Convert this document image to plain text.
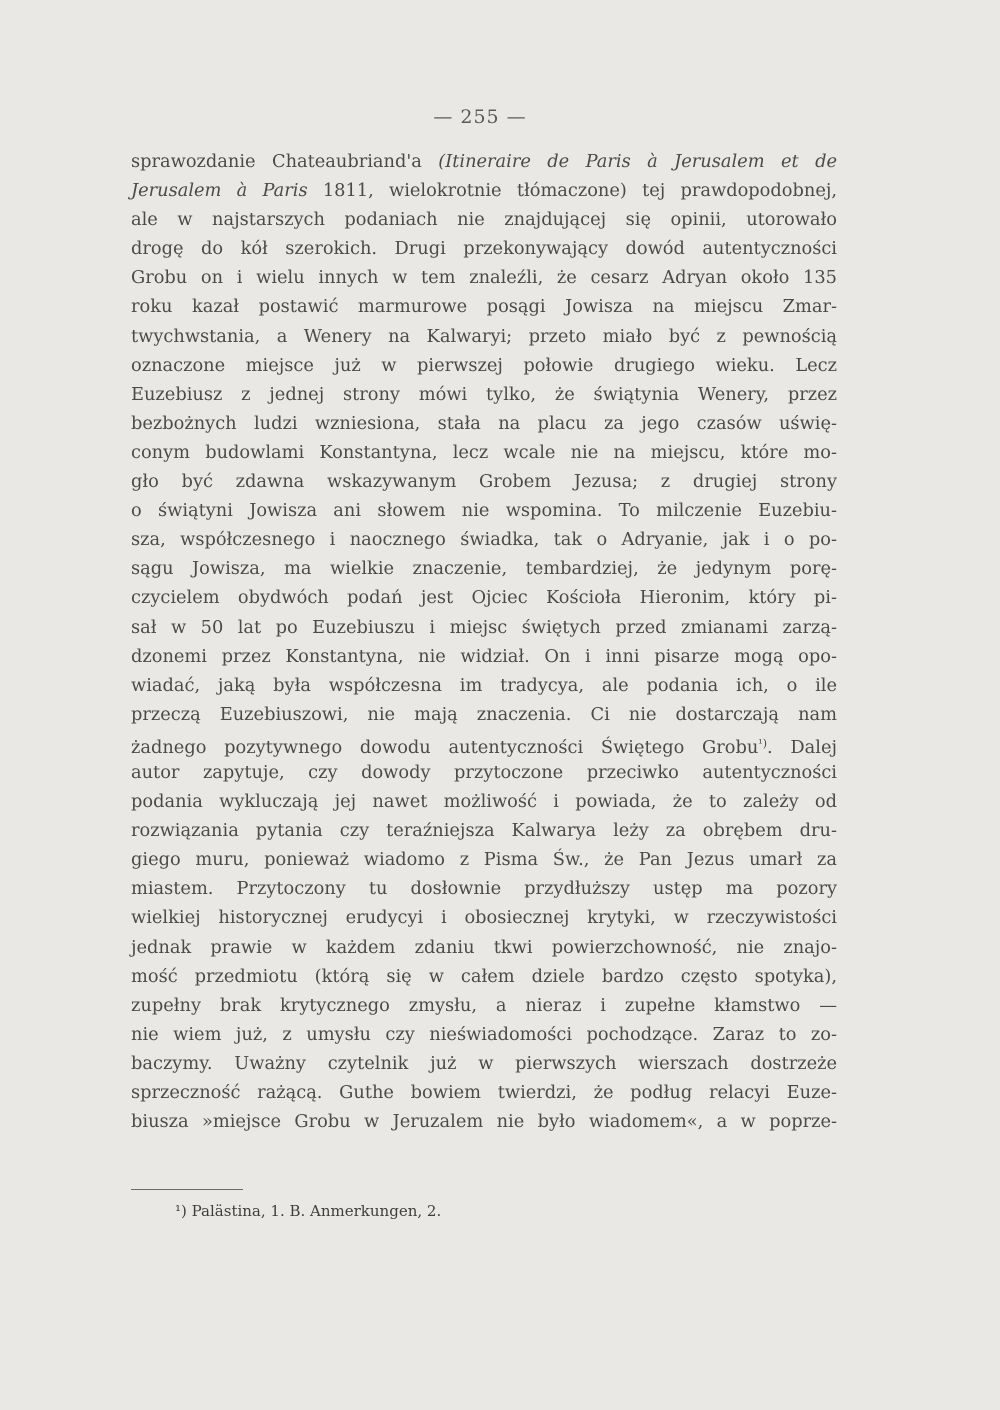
— 255 —
sprawozdanie Chateaubriand'a (Itineraire de Paris à Jerusalem et de
Jerusalem à Paris 1811, wielokrotnie tłómaczone) tej prawdopodobnej,
ale w najstarszych podaniach nie znajdującej się opinii, utorowało
drogę do kół szerokich. Drugi przekonywający dowód autentyczności
Grobu on i wielu innych w tem znaleźli, że cesarz Adryan około 135
roku kazał postawić marmurowe posągi Jowisza na miejscu Zmar-
twychwstania, a Wenery na Kalwaryi; przeto miało być z pewnością
oznaczone miejsce już w pierwszej połowie drugiego wieku. Lecz
Euzebiusz z jednej strony mówi tylko, że świątynia Wenery, przez
bezbożnych ludzi wzniesiona, stała na placu za jego czasów uświę-
conym budowlami Konstantyna, lecz wcale nie na miejscu, które mo-
gło być zdawna wskazywanym Grobem Jezusa; z drugiej strony
o świątyni Jowisza ani słowem nie wspomina. To milczenie Euzebiu-
sza, współczesnego i naocznego świadka, tak o Adryanie, jak i o po-
sągu Jowisza, ma wielkie znaczenie, tembardziej, że jedynym porę-
czycielem obydwóch podań jest Ojciec Kościoła Hieronim, który pi-
sał w 50 lat po Euzebiuszu i miejsc świętych przed zmianami zarzą-
dzonemi przez Konstantyna, nie widział. On i inni pisarze mogą opo-
wiadać, jaką była współczesna im tradycya, ale podania ich, o ile
przeczą Euzebiuszowi, nie mają znaczenia. Ci nie dostarczają nam
żadnego pozytywnego dowodu autentyczności Świętego Grobu$^{^1)}$. Dalej
autor zapytuje, czy dowody przytoczone przeciwko autentyczności
podania wykluczają jej nawet możliwość i powiada, że to zależy od
rozwiązania pytania czy teraźniejsza Kalwarya leży za obrębem dru-
giego muru, ponieważ wiadomo z Pisma Św., że Pan Jezus umarł za
miastem. Przytoczony tu dosłownie przydłuższy ustęp ma pozory
wielkiej historycznej erudycyi i obosiecznej krytyki, w rzeczywistości
jednak prawie w każdem zdaniu tkwi powierzchowność, nie znajo-
mość przedmiotu (którą się w całem dziele bardzo często spotyka),
zupełny brak krytycznego zmysłu, a nieraz i zupełne kłamstwo —
nie wiem już, z umysłu czy nieświadomości pochodzące. Zaraz to zo-
baczymy. Uważny czytelnik już w pierwszych wierszach dostrzeże
sprzeczność rażącą. Guthe bowiem twierdzi, że podług relacyi Euze-
biusza »miejsce Grobu w Jeruzalem nie było wiadomem«, a w poprze-
¹) Palästina, 1. B. Anmerkungen, 2.
